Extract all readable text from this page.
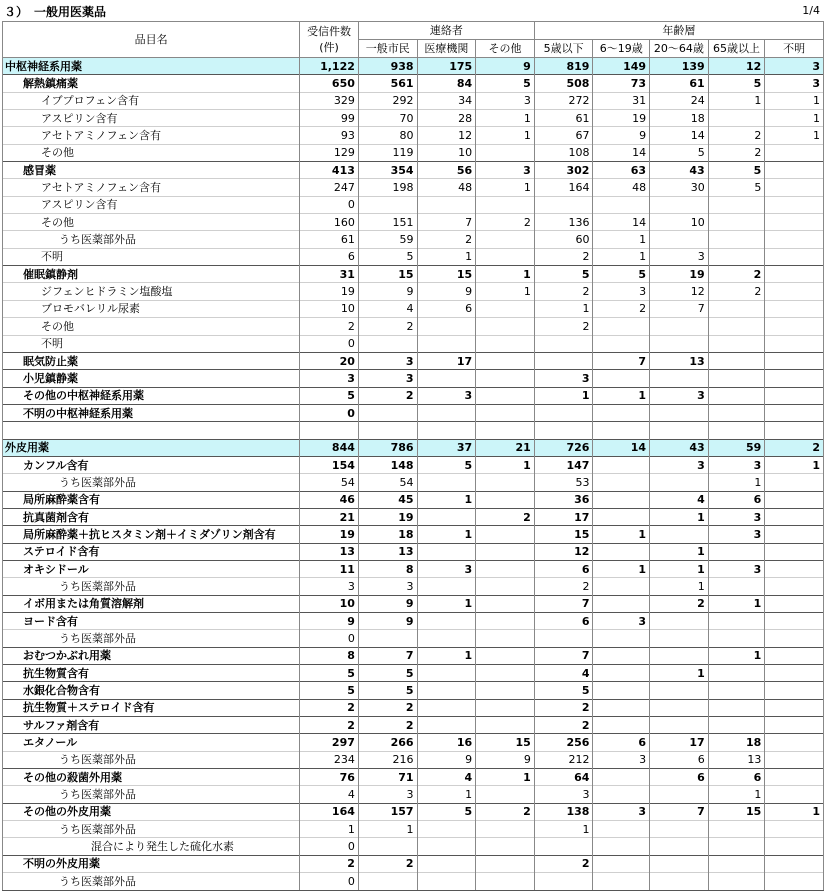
３）　一般用医薬品	1/4
品目名	受信件数
(件)	連絡者			年齢層				
		一般市民	医療機関	その他	5歳以下	6～19歳	20～64歳	65歳以上	不明
中枢神経系用薬	1,122	938	175	9	819	149	139	12	3
解熱鎮痛薬	650	561	84	5	508	73	61	5	3
イブプロフェン含有	329	292	34	3	272	31	24	1	1
アスピリン含有	99	70	28	1	61	19	18		1
アセトアミノフェン含有	93	80	12	1	67	9	14	2	1
その他	129	119	10		108	14	5	2	
感冒薬	413	354	56	3	302	63	43	5	
アセトアミノフェン含有	247	198	48	1	164	48	30	5	
アスピリン含有	0								
その他	160	151	7	2	136	14	10		
うち医薬部外品	61	59	2		60	1			
不明	6	5	1		2	1	3		
催眠鎮静剤	31	15	15	1	5	5	19	2	
ジフェンヒドラミン塩酸塩	19	9	9	1	2	3	12	2	
ブロモバレリル尿素	10	4	6		1	2	7		
その他	2	2			2				
不明	0								
眠気防止薬	20	3	17			7	13		
小児鎮静薬	3	3			3				
その他の中枢神経系用薬	5	2	3		1	1	3		
不明の中枢神経系用薬	0								

外皮用薬	844	786	37	21	726	14	43	59	2
カンフル含有	154	148	5	1	147		3	3	1
うち医薬部外品	54	54			53			1	
局所麻酔薬含有	46	45	1		36		4	6	
抗真菌剤含有	21	19		2	17		1	3	
局所麻酔薬＋抗ヒスタミン剤＋イミダゾリン剤含有	19	18	1		15	1		3	
ステロイド含有	13	13			12		1		
オキシドール	11	8	3		6	1	1	3	
うち医薬部外品	3	3			2		1		
イボ用または角質溶解剤	10	9	1		7		2	1	
ヨード含有	9	9			6	3			
うち医薬部外品	0								
おむつかぶれ用薬	8	7	1		7			1	
抗生物質含有	5	5			4		1		
水銀化合物含有	5	5			5				
抗生物質＋ステロイド含有	2	2			2				
サルファ剤含有	2	2			2				
エタノール	297	266	16	15	256	6	17	18	
うち医薬部外品	234	216	9	9	212	3	6	13	
その他の殺菌外用薬	76	71	4	1	64		6	6	
うち医薬部外品	4	3	1		3			1	
その他の外皮用薬	164	157	5	2	138	3	7	15	1
うち医薬部外品	1	1			1				
混合により発生した硫化水素	0								
不明の外皮用薬	2	2			2				
うち医薬部外品	0								
